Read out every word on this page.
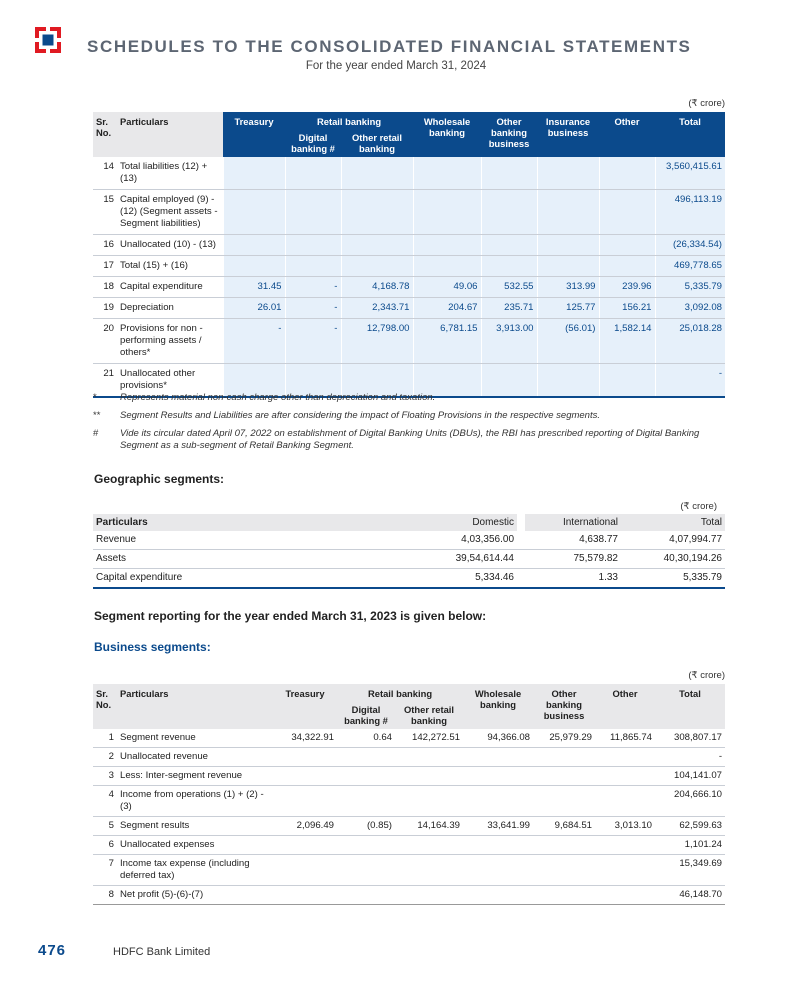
SCHEDULES TO THE CONSOLIDATED FINANCIAL STATEMENTS
For the year ended March 31, 2024
(₹ crore)
Sr. No.	Particulars	Treasury	Retail banking		Wholesale banking	Other banking business	Insurance business	Other	Total
			Digital banking #	Other retail banking					
14	Total liabilities (12) + (13)								3,560,415.61
15	Capital employed (9) - (12) (Segment assets - Segment liabilities)								496,113.19
16	Unallocated (10) - (13)								(26,334.54)
17	Total (15) + (16)								469,778.65
18	Capital expenditure	31.45	-	4,168.78	49.06	532.55	313.99	239.96	5,335.79
19	Depreciation	26.01	-	2,343.71	204.67	235.71	125.77	156.21	3,092.08
20	Provisions for non - performing assets / others*	-	-	12,798.00	6,781.15	3,913.00	(56.01)	1,582.14	25,018.28
21	Unallocated other provisions*								-
*	Represents material non-cash charge other than depreciation and taxation.
**	Segment Results and Liabilities are after considering the impact of Floating Provisions in the respective segments.
#	Vide its circular dated April 07, 2022 on establishment of Digital Banking Units (DBUs), the RBI has prescribed reporting of Digital Banking Segment as a sub-segment of Retail Banking Segment.
Geographic segments:
(₹ crore)
Particulars	Domestic		International	Total
Revenue	4,03,356.00		4,638.77	4,07,994.77
Assets	39,54,614.44		75,579.82	40,30,194.26
Capital expenditure	5,334.46		1.33	5,335.79
Segment reporting for the year ended March 31, 2023 is given below:
Business segments:
(₹ crore)
Sr. No.	Particulars	Treasury	Retail banking		Wholesale banking	Other banking business	Other	Total
			Digital banking #	Other retail banking				
1	Segment revenue	34,322.91	0.64	142,272.51	94,366.08	25,979.29	11,865.74	308,807.17
2	Unallocated revenue							-
3	Less: Inter-segment revenue							104,141.07
4	Income from operations (1) + (2) - (3)							204,666.10
5	Segment results	2,096.49	(0.85)	14,164.39	33,641.99	9,684.51	3,013.10	62,599.63
6	Unallocated expenses							1,101.24
7	Income tax expense (including deferred tax)							15,349.69
8	Net profit (5)-(6)-(7)							46,148.70
476	HDFC Bank Limited
